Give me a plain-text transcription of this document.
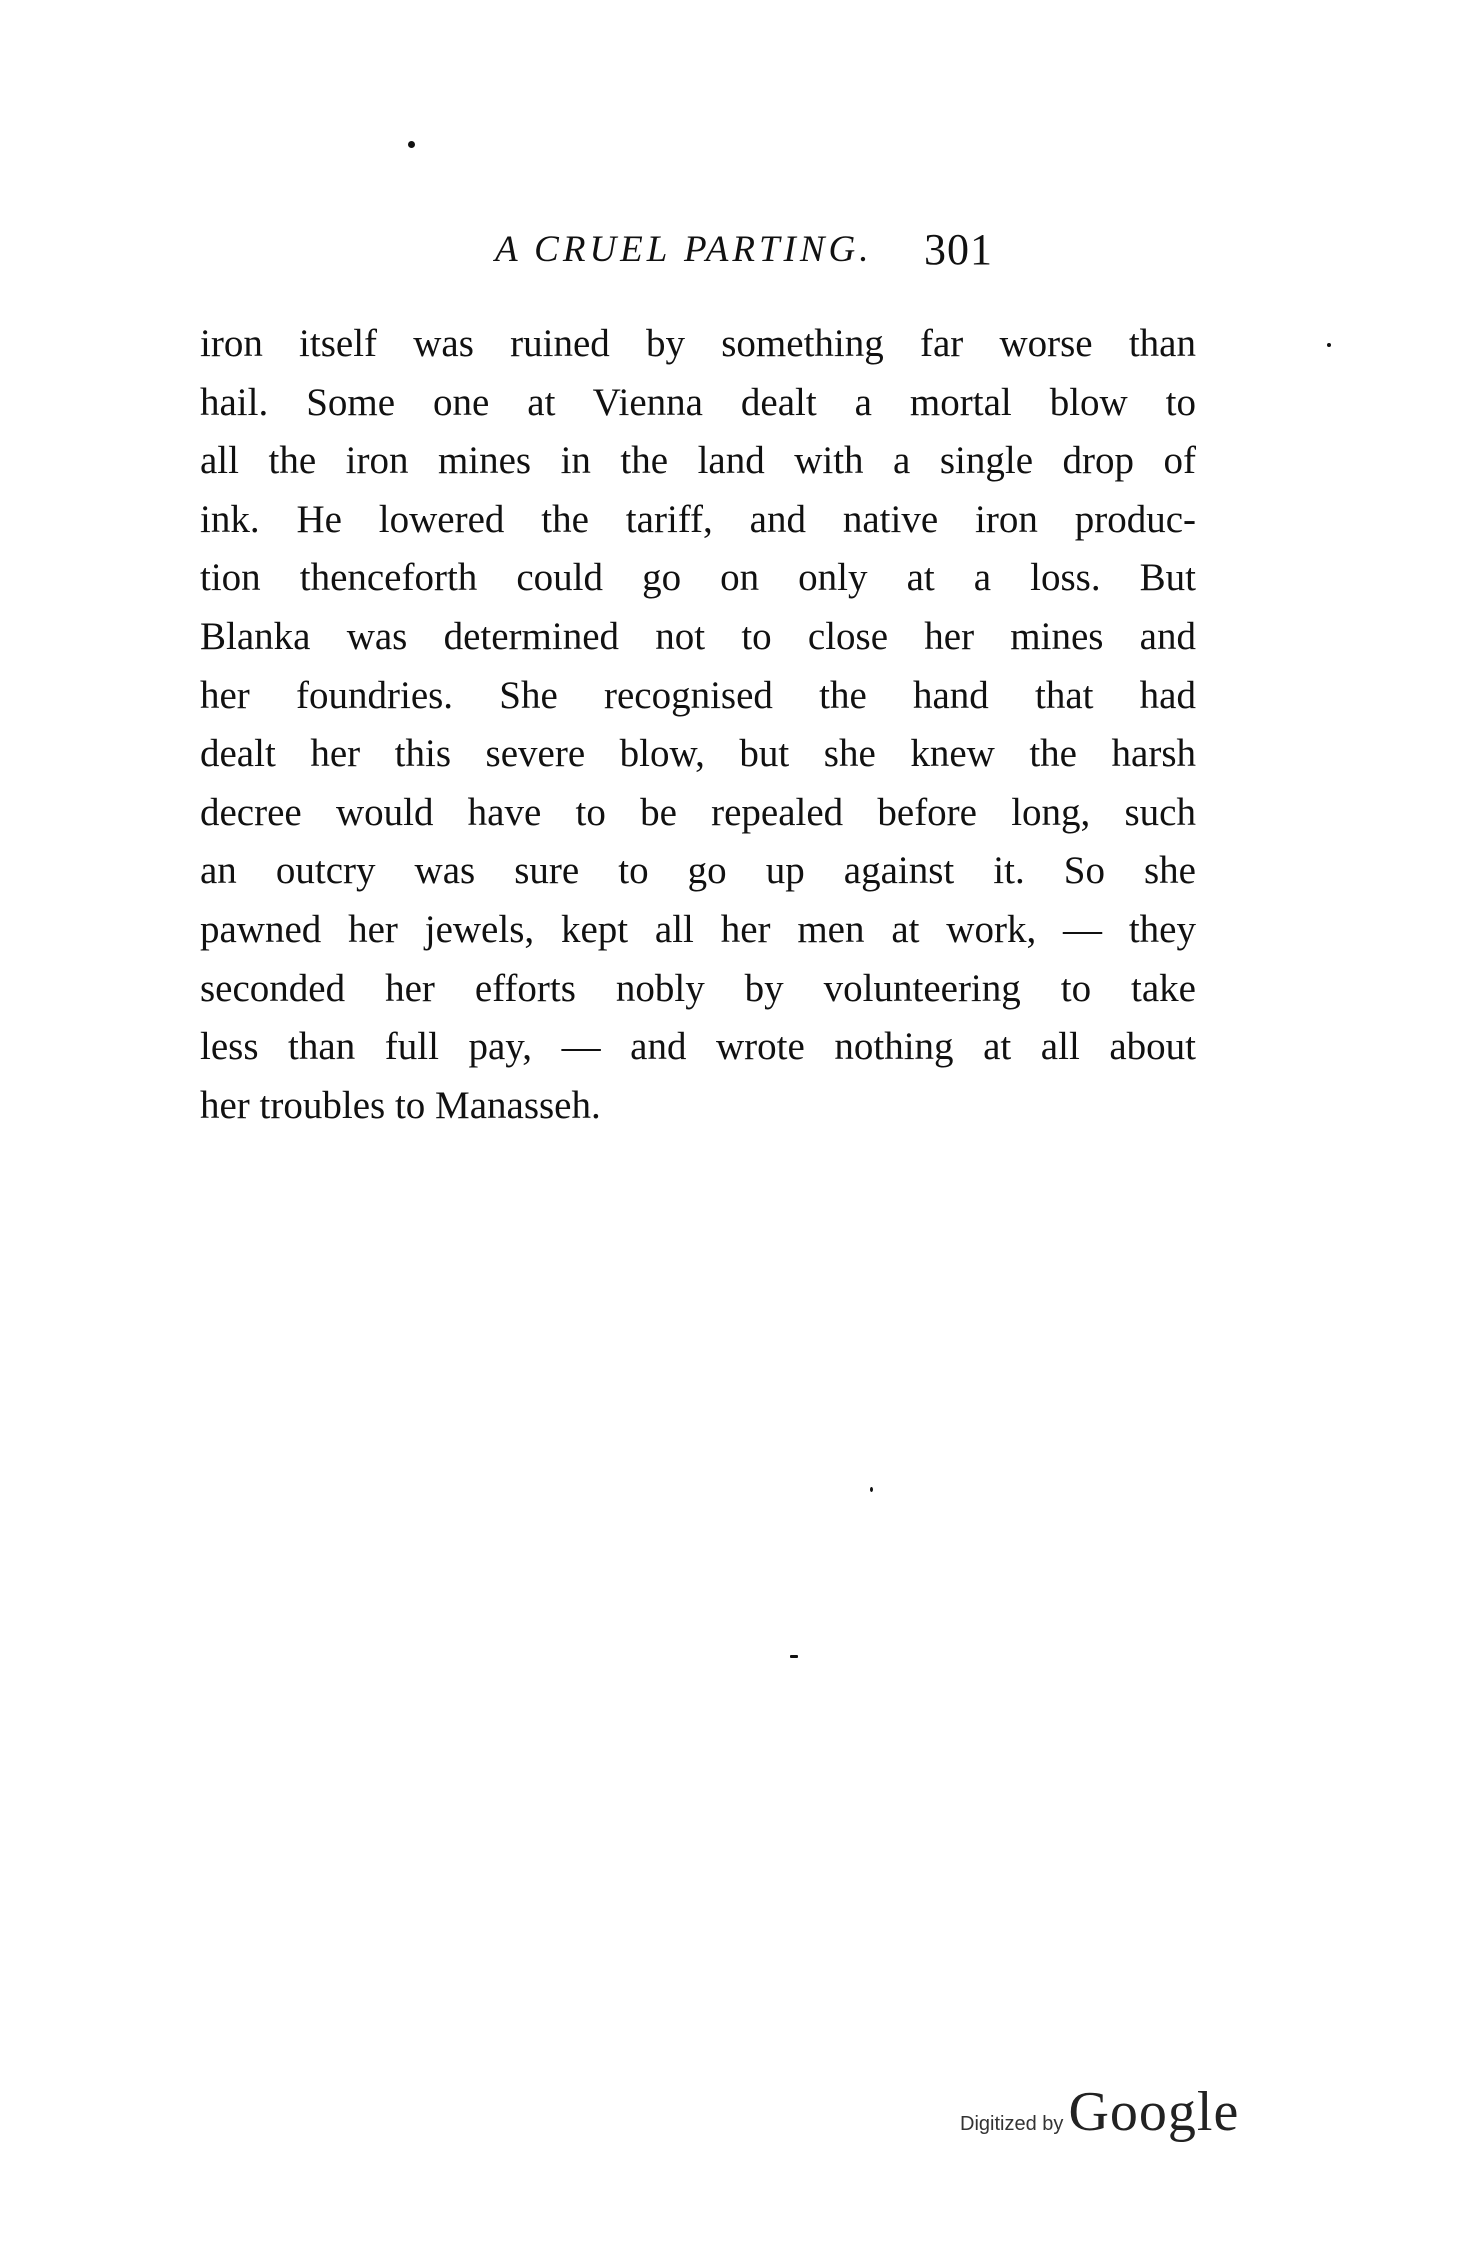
A CRUEL PARTING. 301
iron itself was ruined by something far worse than
hail. Some one at Vienna dealt a mortal blow to
all the iron mines in the land with a single drop of
ink. He lowered the tariff, and native iron produc-
tion thenceforth could go on only at a loss. But
Blanka was determined not to close her mines and
her foundries. She recognised the hand that had
dealt her this severe blow, but she knew the harsh
decree would have to be repealed before long, such
an outcry was sure to go up against it. So she
pawned her jewels, kept all her men at work, — they
seconded her efforts nobly by volunteering to take
less than full pay, — and wrote nothing at all about
her troubles to Manasseh.
Digitized by Google
